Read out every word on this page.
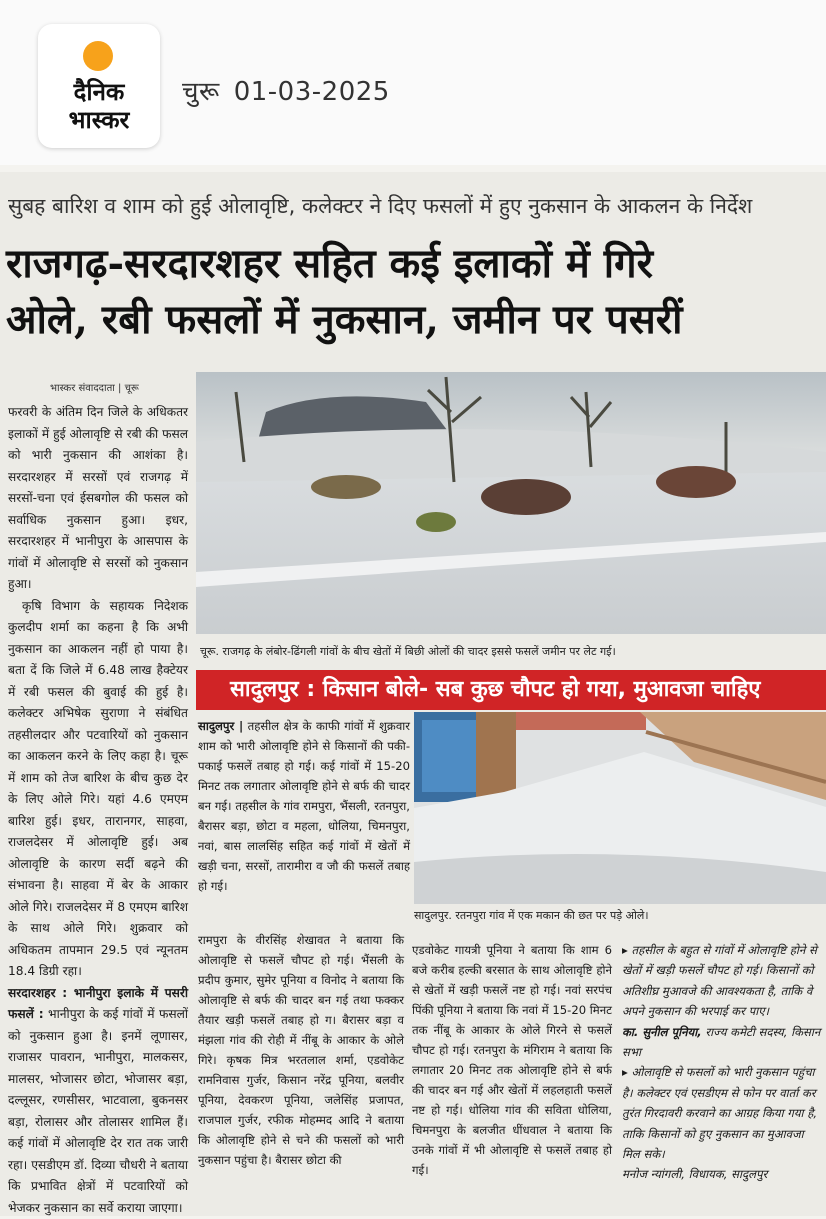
दैनिक
भास्कर
चुरू 01-03-2025
सुबह बारिश व शाम को हुई ओलावृष्टि, कलेक्टर ने दिए फसलों में हुए नुकसान के आकलन के निर्देश
राजगढ़-सरदारशहर सहित कई इलाकों में गिरे
ओले, रबी फसलों में नुकसान, जमीन पर पसरीं
भास्कर संवाददाता | चूरू

फरवरी के अंतिम दिन जिले के अधिकतर इलाकों में हुई ओलावृष्टि से रबी की फसल को भारी नुकसान की आशंका है। सरदारशहर में सरसों एवं राजगढ़ में सरसों-चना एवं ईसबगोल की फसल को सर्वाधिक नुकसान हुआ। इधर, सरदारशहर में भानीपुरा के आसपास के गांवों में ओलावृष्टि से सरसों को नुकसान हुआ।

कृषि विभाग के सहायक निदेशक कुलदीप शर्मा का कहना है कि अभी नुकसान का आकलन नहीं हो पाया है। बता दें कि जिले में 6.48 लाख हैक्टेयर में रबी फसल की बुवाई की हुई है। कलेक्टर अभिषेक सुराणा ने संबंधित तहसीलदार और पटवारियों को नुकसान का आकलन करने के लिए कहा है। चूरू में शाम को तेज बारिश के बीच कुछ देर के लिए ओले गिरे। यहां 4.6 एमएम बारिश हुई। इधर, तारानगर, साहवा, राजलदेसर में ओलावृष्टि हुई। अब ओलावृष्टि के कारण सर्दी बढ़ने की संभावना है। साहवा में बेर के आकार ओले गिरे। राजलदेसर में 8 एमएम बारिश के साथ ओले गिरे। शुक्रवार को अधिकतम तापमान 29.5 एवं न्यूनतम 18.4 डिग्री रहा।

सरदारशहर : भानीपुरा इलाके में पसरी फसलें : भानीपुरा के कई गांवों में फसलों को नुकसान हुआ है। इनमें लूणासर, राजासर पावरान, भानीपुरा, मालकसर, मालसर, भोजासर छोटा, भोजासर बड़ा, दल्लूसर, रणसीसर, भाटवाला, बुकनसर बड़ा, रोलासर और तोलासर शामिल हैं। कई गांवों में ओलावृष्टि देर रात तक जारी रहा। एसडीएम डॉ. दिव्या चौधरी ने बताया कि प्रभावित क्षेत्रों में पटवारियों को भेजकर नुकसान का सर्वे कराया जाएगा।

चूरू. राजगढ़ के लंबोर-ढिंगली गांवों के बीच खेतों में बिछी ओलों की चादर इससे फसलें जमीन पर लेट गई।
सादुलपुर : किसान बोले- सब कुछ चौपट हो गया, मुआवजा चाहिए

सादुलपुर | तहसील क्षेत्र के काफी गांवों में शुक्रवार शाम को भारी ओलावृष्टि होने से किसानों की पकी-पकाई फसलें तबाह हो गई। कई गांवों में 15-20 मिनट तक लगातार ओलावृष्टि होने से बर्फ की चादर बन गई। तहसील के गांव रामपुरा, भैंसली, रतनपुरा, बैरासर बड़ा, छोटा व महला, धोलिया, चिमनपुरा, नवां, बास लालसिंह सहित कई गांवों में खेतों में खड़ी चना, सरसों, तारामीरा व जौ की फसलें तबाह हो गई।

सादुलपुर. रतनपुरा गांव में एक मकान की छत पर पड़े ओले।
रामपुरा के वीरसिंह शेखावत ने बताया कि ओलावृष्टि से फसलें चौपट हो गई। भैंसली के प्रदीप कुमार, सुमेर पूनिया व विनोद ने बताया कि ओलावृष्टि से बर्फ की चादर बन गई तथा फक्कर तैयार खड़ी फसलें तबाह हो ग। बैरासर बड़ा व मंझला गांव की रोही में नींबू के आकार के ओले गिरे। कृषक मित्र भरतलाल शर्मा, एडवोकेट रामनिवास गुर्जर, किसान नरेंद्र पूनिया, बलवीर पूनिया, देवकरण पूनिया, जलेसिंह प्रजापत, राजपाल गुर्जर, रफीक मोहम्मद आदि ने बताया कि ओलावृष्टि होने से चने की फसलों को भारी नुकसान पहुंचा है। बैरासर छोटा की
एडवोकेट गायत्री पूनिया ने बताया कि शाम 6 बजे करीब हल्की बरसात के साथ ओलावृष्टि होने से खेतों में खड़ी फसलें नष्ट हो गई। नवां सरपंच पिंकी पूनिया ने बताया कि नवां में 15-20 मिनट तक नींबू के आकार के ओले गिरने से फसलें चौपट हो गई। रतनपुरा के मंगिराम ने बताया कि लगातार 20 मिनट तक ओलावृष्टि होने से बर्फ की चादर बन गई और खेतों में लहलहाती फसलें नष्ट हो गई। धोलिया गांव की सविता धोलिया, चिमनपुरा के बलजीत धींधवाल ने बताया कि उनके गांवों में भी ओलावृष्टि से फसलें तबाह हो गई।

▸ तहसील के बहुत से गांवों में ओलावृष्टि होने से खेतों में खड़ी फसलें चौपट हो गई। किसानों को अतिशीघ्र मुआवजे की आवश्यकता है, ताकि वे अपने नुकसान की भरपाई कर पाए।

का. सुनील पूनिया, राज्य कमेटी सदस्य, किसान सभा

▸ ओलावृष्टि से फसलों को भारी नुकसान पहुंचा है। कलेक्टर एवं एसडीएम से फोन पर वार्ता कर तुरंत गिरदावरी करवाने का आग्रह किया गया है, ताकि किसानों को हुए नुकसान का मुआवजा मिल सके।

मनोज न्यांगली, विधायक, सादुलपुर
